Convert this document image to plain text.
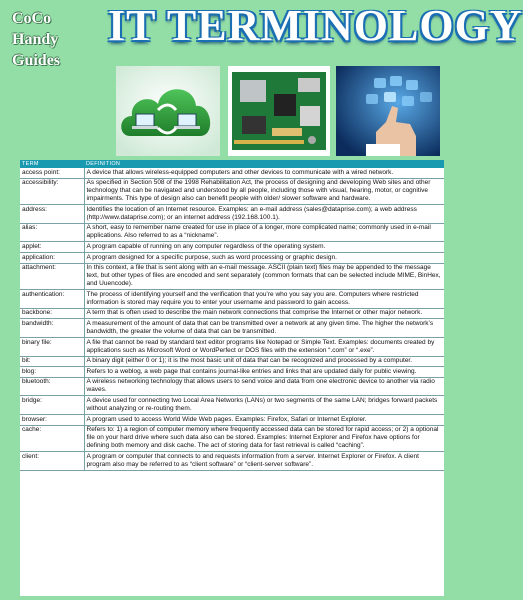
CoCo
Handy
Guides
IT TERMINOLOGY
TERM	DEFINITION
access point:	A device that allows wireless-equipped computers and other devices to communicate with a wired network.
accessibility:	As specified in Section 508 of the 1998 Rehabilitation Act, the process of designing and developing Web sites and other technology that can be navigated and understood by all people, including those with visual, hearing, motor, or cognitive impairments. This type of design also can benefit people with older/ slower software and hardware.
address:	Identifies the location of an Internet resource. Examples: an e-mail address (sales@dataprise.com); a web address (http://www.dataprise.com); or an internet address (192.168.100.1).
alias:	A short, easy to remember name created for use in place of a longer, more complicated name; commonly used in e-mail applications. Also referred to as a “nickname”.
applet:	A program capable of running on any computer regardless of the operating system.
application:	A program designed for a specific purpose, such as word processing or graphic design.
attachment:	In this context, a file that is sent along with an e-mail message. ASCII (plain text) files may be appended to the message text, but other types of files are encoded and sent separately (common formats that can be selected include MIME, BinHex, and Uuencode).
authentication:	The process of identifying yourself and the verification that you’re who you say you are. Computers where restricted information is stored may require you to enter your username and password to gain access.
backbone:	A term that is often used to describe the main network connections that comprise the Internet or other major network.
bandwidth:	A measurement of the amount of data that can be transmitted over a network at any given time. The higher the network’s bandwidth, the greater the volume of data that can be transmitted.
binary file:	A file that cannot be read by standard text editor programs like Notepad or Simple Text. Examples: documents created by applications such as Microsoft Word or WordPerfect or DOS files with the extension “.com” or “.exe”.
bit:	A binary digit (either 0 or 1); it is the most basic unit of data that can be recognized and processed by a computer.
blog:	Refers to a weblog, a web page that contains journal-like entries and links that are updated daily for public viewing.
bluetooth:	A wireless networking technology that allows users to send voice and data from one electronic device to another via radio waves.
bridge:	A device used for connecting two Local Area Networks (LANs) or two segments of the same LAN; bridges forward packets without analyzing or re-routing them.
browser:	A program used to access World Wide Web pages. Examples: Firefox, Safari or Internet Explorer.
cache:	Refers to: 1) a region of computer memory where frequently accessed data can be stored for rapid access; or 2) a optional file on your hard drive where such data also can be stored. Examples: Internet Explorer and Firefox have options for defining both memory and disk cache. The act of storing data for fast retrieval is called “caching”.
client:	A program or computer that connects to and requests information from a server. Internet Explorer or Firefox. A client program also may be referred to as “client software” or “client-server software”.
